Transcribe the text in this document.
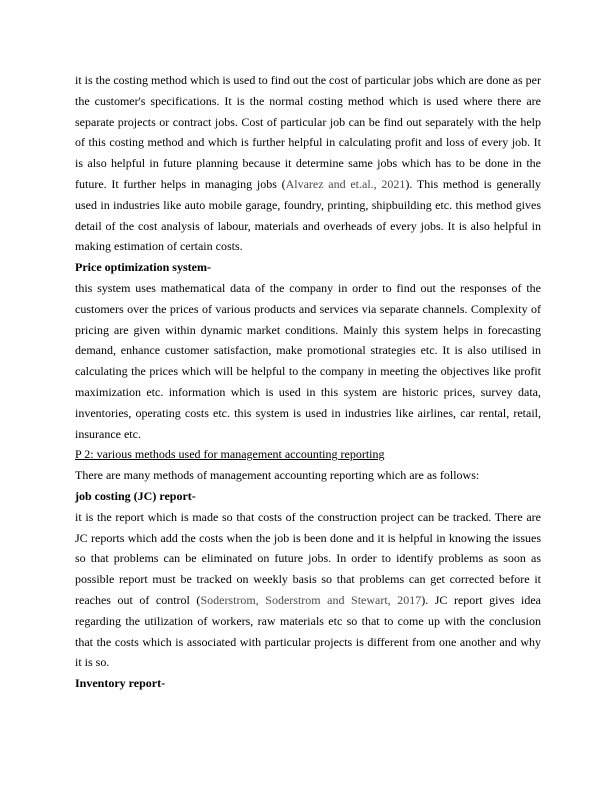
it is the costing method which is used to find out the cost of particular jobs which are done as per the customer's specifications. It is the normal costing method which is used where there are separate projects or contract jobs. Cost of particular job can be find out separately with the help of this costing method and which is further helpful in calculating profit and loss of every job. It is also helpful in future planning because it determine same jobs which has to be done in the future. It further helps in managing jobs (Alvarez and et.al., 2021). This method is generally used in industries like auto mobile garage, foundry, printing, shipbuilding etc. this method gives detail of the cost analysis of labour, materials and overheads of every jobs. It is also helpful in making estimation of certain costs.

Price optimization system-

this system uses mathematical data of the company in order to find out the responses of the customers over the prices of various products and services via separate channels. Complexity of pricing are given within dynamic market conditions. Mainly this system helps in forecasting demand, enhance customer satisfaction, make promotional strategies etc. It is also utilised in calculating the prices which will be helpful to the company in meeting the objectives like profit maximization etc. information which is used in this system are historic prices, survey data, inventories, operating costs etc. this system is used in industries like airlines, car rental, retail, insurance etc.

P 2: various methods used for management accounting reporting

There are many methods of management accounting reporting which are as follows:

job costing (JC) report-

it is the report which is made so that costs of the construction project can be tracked. There are JC reports which add the costs when the job is been done and it is helpful in knowing the issues so that problems can be eliminated on future jobs. In order to identify problems as soon as possible report must be tracked on weekly basis so that problems can get corrected before it reaches out of control (Soderstrom, Soderstrom and Stewart, 2017). JC report gives idea regarding the utilization of workers, raw materials etc so that to come up with the conclusion that the costs which is associated with particular projects is different from one another and why it is so.

Inventory report-
